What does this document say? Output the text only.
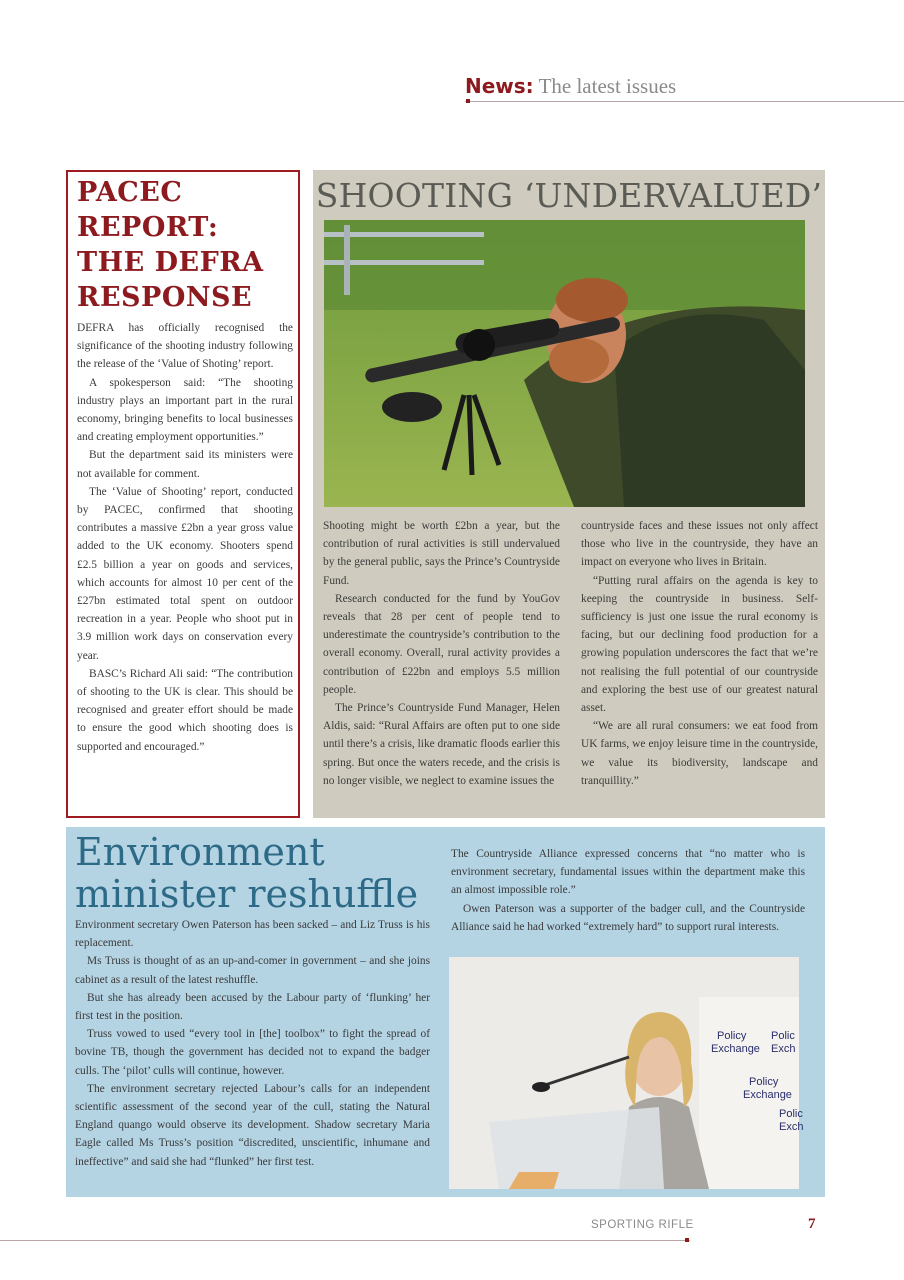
News: The latest issues
PACEC REPORT: THE DEFRA RESPONSE

DEFRA has officially recognised the significance of the shooting industry following the release of the ‘Value of Shoting’ report.

A spokesperson said: “The shooting industry plays an important part in the rural economy, bringing benefits to local businesses and creating employment opportunities.”

But the department said its ministers were not available for comment.

The ‘Value of Shooting’ report, conducted by PACEC, confirmed that shooting contributes a massive £2bn a year gross value added to the UK economy. Shooters spend £2.5 billion a year on goods and services, which accounts for almost 10 per cent of the £27bn estimated total spent on outdoor recreation in a year. People who shoot put in 3.9 million work days on conservation every year.

BASC’s Richard Ali said: “The contribution of shooting to the UK is clear. This should be recognised and greater effort should be made to ensure the good which shooting does is supported and encouraged.”

SHOOTING ‘UNDERVALUED’

Shooting might be worth £2bn a year, but the contribution of rural activities is still undervalued by the general public, says the Prince’s Countryside Fund.

Research conducted for the fund by YouGov reveals that 28 per cent of people tend to underestimate the countryside’s contribution to the overall economy. Overall, rural activity provides a contribution of £22bn and employs 5.5 million people.

The Prince’s Countryside Fund Manager, Helen Aldis, said: “Rural Affairs are often put to one side until there’s a crisis, like dramatic floods earlier this spring. But once the waters recede, and the crisis is no longer visible, we neglect to examine issues the

countryside faces and these issues not only affect those who live in the countryside, they have an impact on everyone who lives in Britain.

“Putting rural affairs on the agenda is key to keeping the countryside in business. Self-sufficiency is just one issue the rural economy is facing, but our declining food production for a growing population underscores the fact that we’re not realising the full potential of our countryside and exploring the best use of our greatest natural asset.

“We are all rural consumers: we eat food from UK farms, we enjoy leisure time in the countryside, we value its biodiversity, landscape and tranquillity.”

Environment minister reshuffle

Environment secretary Owen Paterson has been sacked – and Liz Truss is his replacement.

Ms Truss is thought of as an up-and-comer in government – and she joins cabinet as a result of the latest reshuffle.

But she has already been accused by the Labour party of ‘flunking’ her first test in the position.

Truss vowed to used “every tool in [the] toolbox” to fight the spread of bovine TB, though the government has decided not to expand the badger culls. The ‘pilot’ culls will continue, however.

The environment secretary rejected Labour’s calls for an independent scientific assessment of the second year of the cull, stating the Natural England quango would observe its development. Shadow secretary Maria Eagle called Ms Truss’s position “discredited, unscientific, inhumane and ineffective” and said she had “flunked” her first test.

The Countryside Alliance expressed concerns that “no matter who is environment secretary, fundamental issues within the department make this an almost impossible role.”

Owen Paterson was a supporter of the badger cull, and the Countryside Alliance said he had worked “extremely hard” to support rural interests.

Policy
Exchange
Polic
Exch
Policy
Exchange
Polic
Exch
SPORTING RIFLE	7
